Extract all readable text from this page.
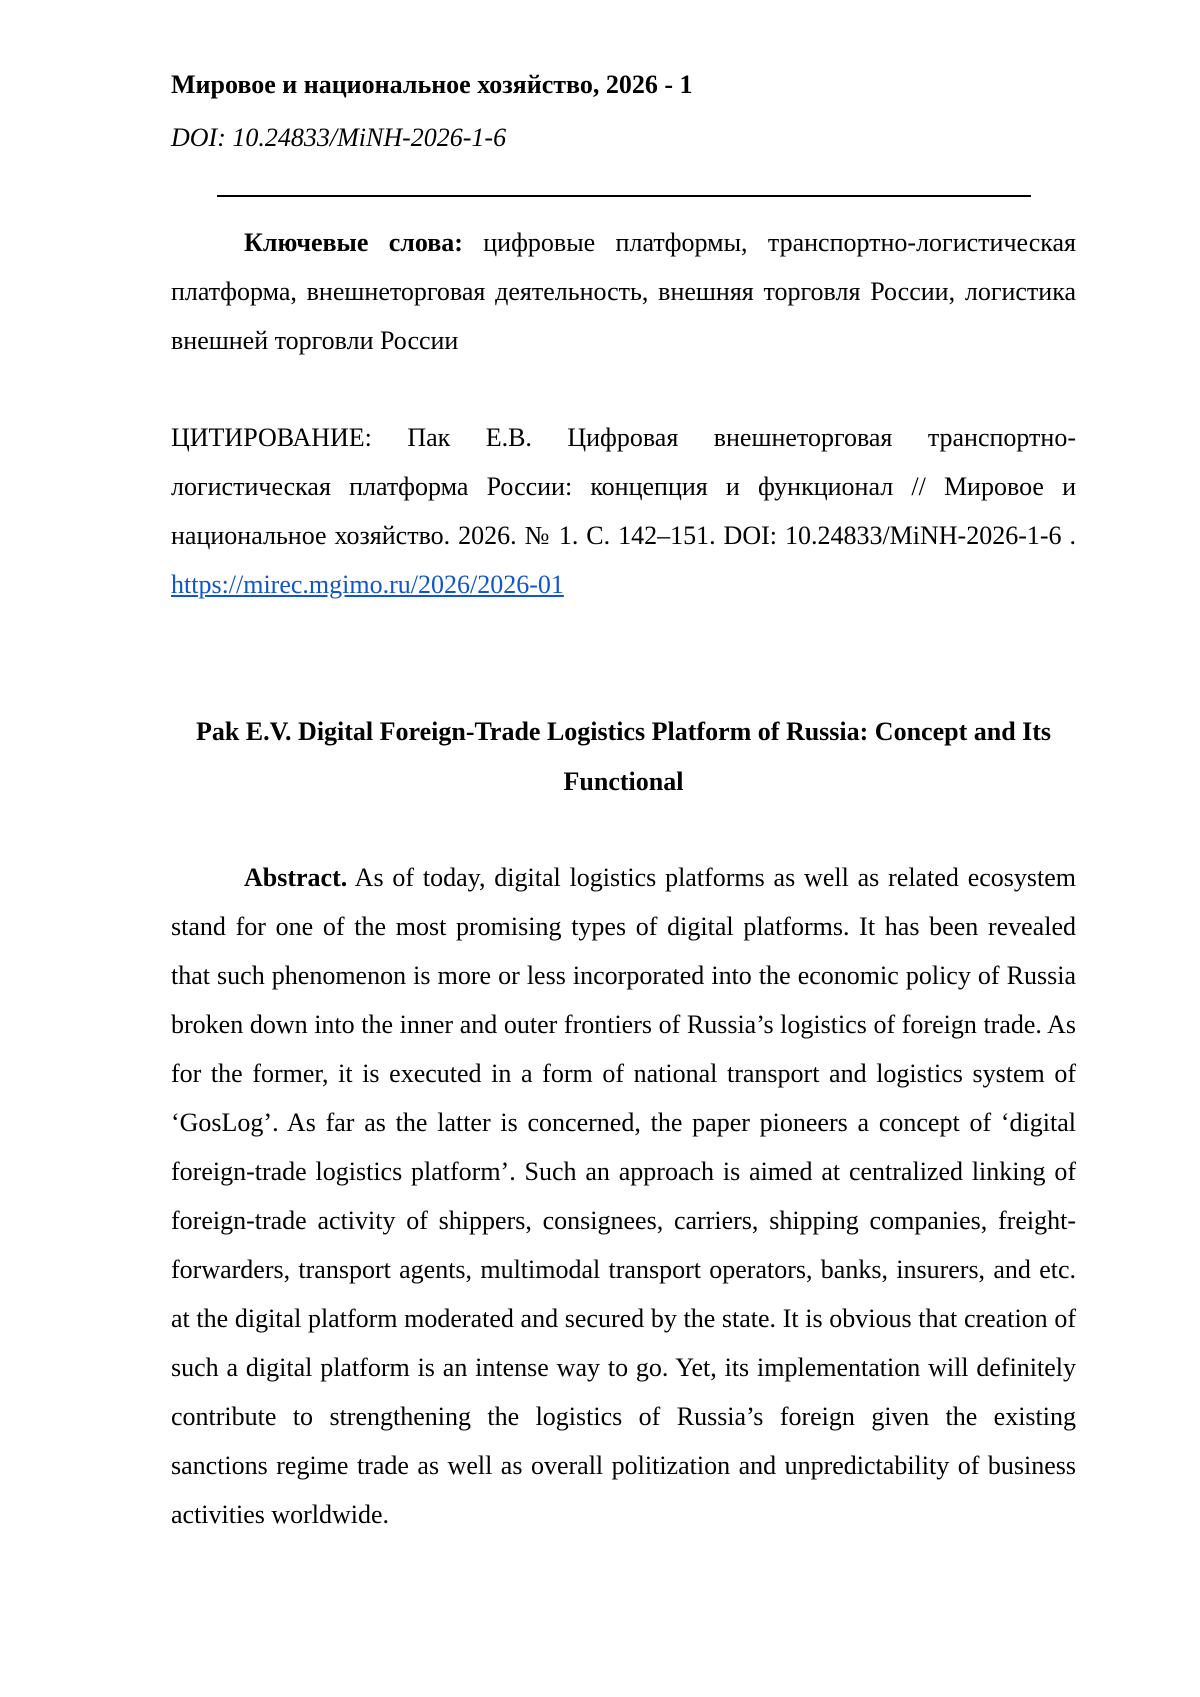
Мировое и национальное хозяйство, 2026 - 1
DOI: 10.24833/MiNH-2026-1-6

Ключевые слова: цифровые платформы, транспортно-логистическая платформа, внешнеторговая деятельность, внешняя торговля России, логистика внешней торговли России

ЦИТИРОВАНИЕ: Пак Е.В. Цифровая внешнеторговая транспортно-логистическая платформа России: концепция и функционал // Мировое и национальное хозяйство. 2026. № 1. С. 142–151. DOI: 10.24833/MiNH-2026-1-6 . https://mirec.mgimo.ru/2026/2026-01

Pak E.V. Digital Foreign-Trade Logistics Platform of Russia: Concept and Its Functional

Abstract. As of today, digital logistics platforms as well as related ecosystem stand for one of the most promising types of digital platforms. It has been revealed that such phenomenon is more or less incorporated into the economic policy of Russia broken down into the inner and outer frontiers of Russia’s logistics of foreign trade. As for the former, it is executed in a form of national transport and logistics system of ‘GosLog’. As far as the latter is concerned, the paper pioneers a concept of ‘digital foreign-trade logistics platform’. Such an approach is aimed at centralized linking of foreign-trade activity of shippers, consignees, carriers, shipping companies, freight-forwarders, transport agents, multimodal transport operators, banks, insurers, and etc. at the digital platform moderated and secured by the state. It is obvious that creation of such a digital platform is an intense way to go. Yet, its implementation will definitely contribute to strengthening the logistics of Russia’s foreign given the existing sanctions regime trade as well as overall politization and unpredictability of business activities worldwide.
